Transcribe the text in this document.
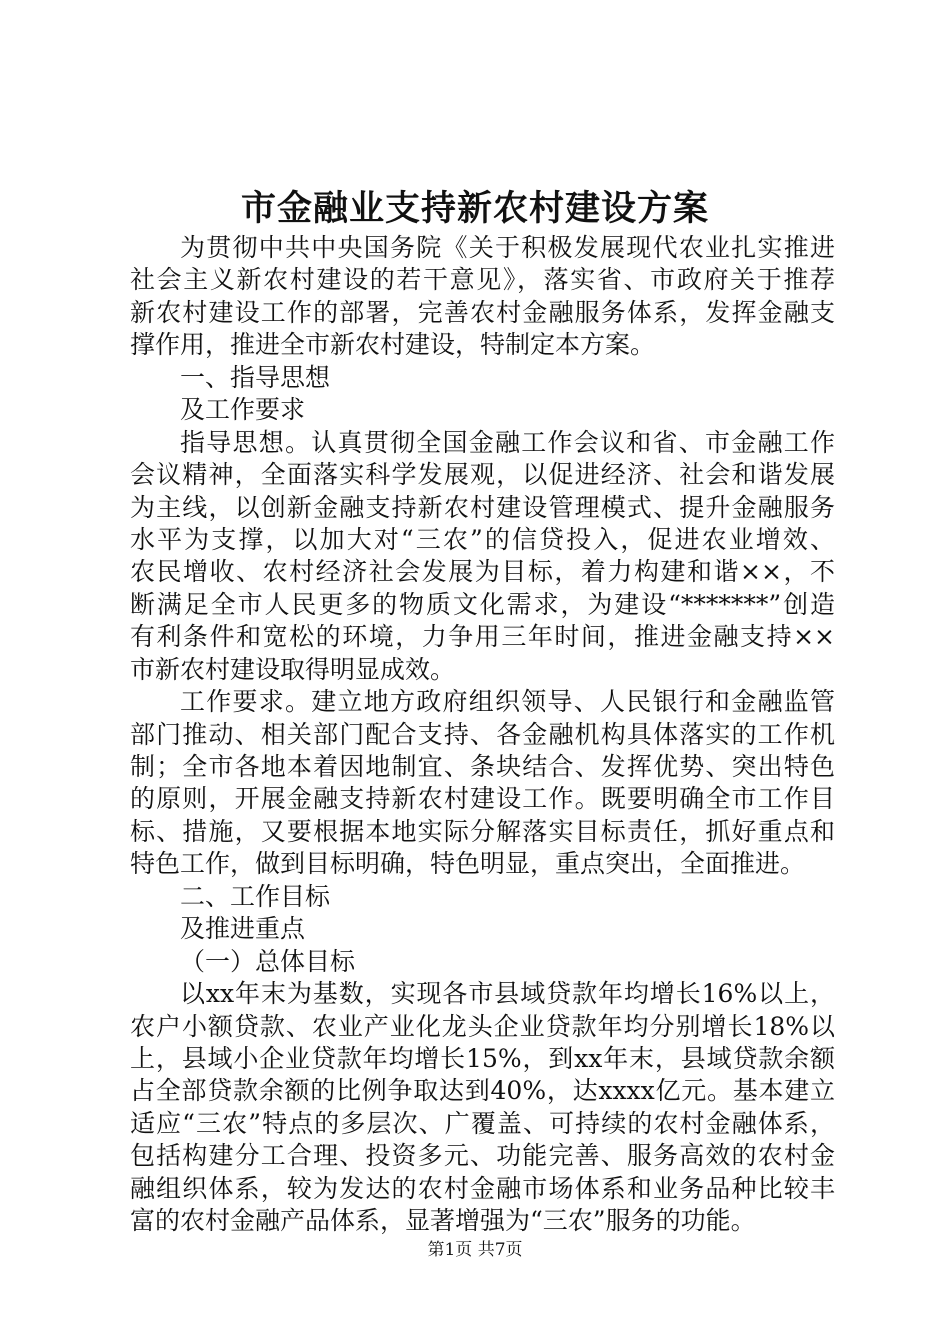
市金融业支持新农村建设方案
为贯彻中共中央国务院《关于积极发展现代农业扎实推进
社会主义新农村建设的若干意见》，落实省、市政府关于推荐
新农村建设工作的部署，完善农村金融服务体系，发挥金融支
撑作用，推进全市新农村建设，特制定本方案。
一、指导思想
及工作要求
指导思想。认真贯彻全国金融工作会议和省、市金融工作
会议精神，全面落实科学发展观，以促进经济、社会和谐发展
为主线，以创新金融支持新农村建设管理模式、提升金融服务
水平为支撑，以加大对“三农”的信贷投入，促进农业增效、
农民增收、农村经济社会发展为目标，着力构建和谐××，不
断满足全市人民更多的物质文化需求，为建设“*******”创造
有利条件和宽松的环境，力争用三年时间，推进金融支持××
市新农村建设取得明显成效。
工作要求。建立地方政府组织领导、人民银行和金融监管
部门推动、相关部门配合支持、各金融机构具体落实的工作机
制；全市各地本着因地制宜、条块结合、发挥优势、突出特色
的原则，开展金融支持新农村建设工作。既要明确全市工作目
标、措施，又要根据本地实际分解落实目标责任，抓好重点和
特色工作，做到目标明确，特色明显，重点突出，全面推进。
二、工作目标
及推进重点
（一）总体目标
以xx年末为基数，实现各市县域贷款年均增长16%以上，
农户小额贷款、农业产业化龙头企业贷款年均分别增长18%以
上，县域小企业贷款年均增长15%，到xx年末，县域贷款余额
占全部贷款余额的比例争取达到40%，达xxxx亿元。基本建立
适应“三农”特点的多层次、广覆盖、可持续的农村金融体系，
包括构建分工合理、投资多元、功能完善、服务高效的农村金
融组织体系，较为发达的农村金融市场体系和业务品种比较丰
富的农村金融产品体系，显著增强为“三农”服务的功能。
第1页 共7页
